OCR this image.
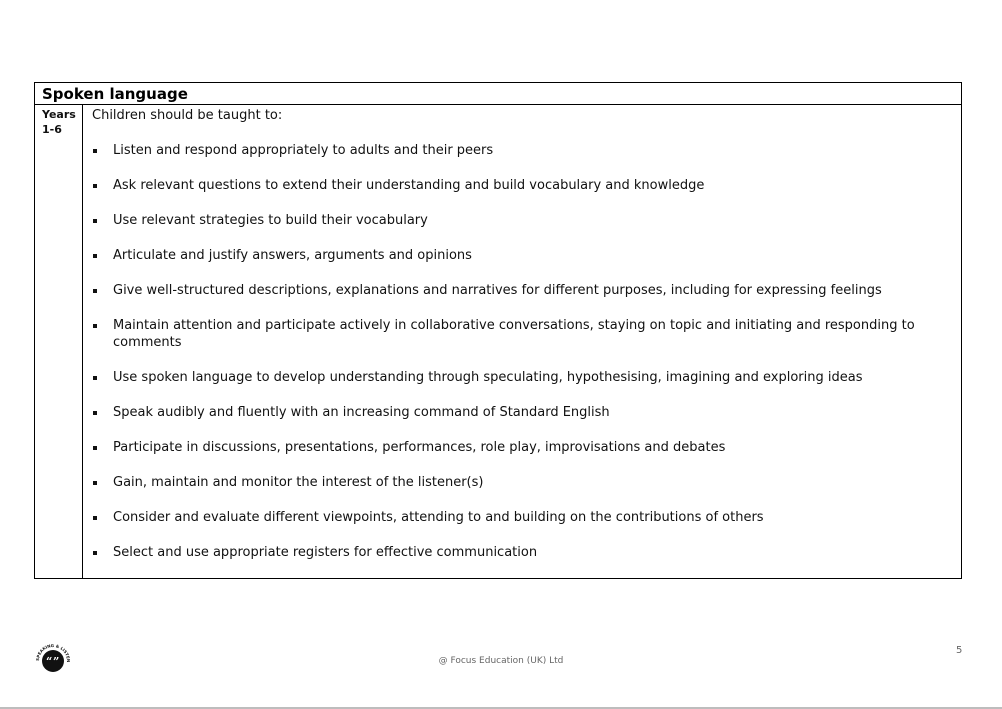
Spoken language
Years
1-6
Children should be taught to:
Listen and respond appropriately to adults and their peers
Ask relevant questions to extend their understanding and build vocabulary and knowledge
Use relevant strategies to build their vocabulary
Articulate and justify answers, arguments and opinions
Give well-structured descriptions, explanations and narratives for different purposes, including for expressing feelings
Maintain attention and participate actively in collaborative conversations, staying on topic and initiating and responding to comments
Use spoken language to develop understanding through speculating, hypothesising, imagining and exploring ideas
Speak audibly and fluently with an increasing command of Standard English
Participate in discussions, presentations, performances, role play, improvisations and debates
Gain, maintain and monitor the interest of the listener(s)
Consider and evaluate different viewpoints, attending to and building on the contributions of others
Select and use appropriate registers for effective communication
“ ”
SPEAKING & LISTEN	@ Focus Education (UK) Ltd
5
